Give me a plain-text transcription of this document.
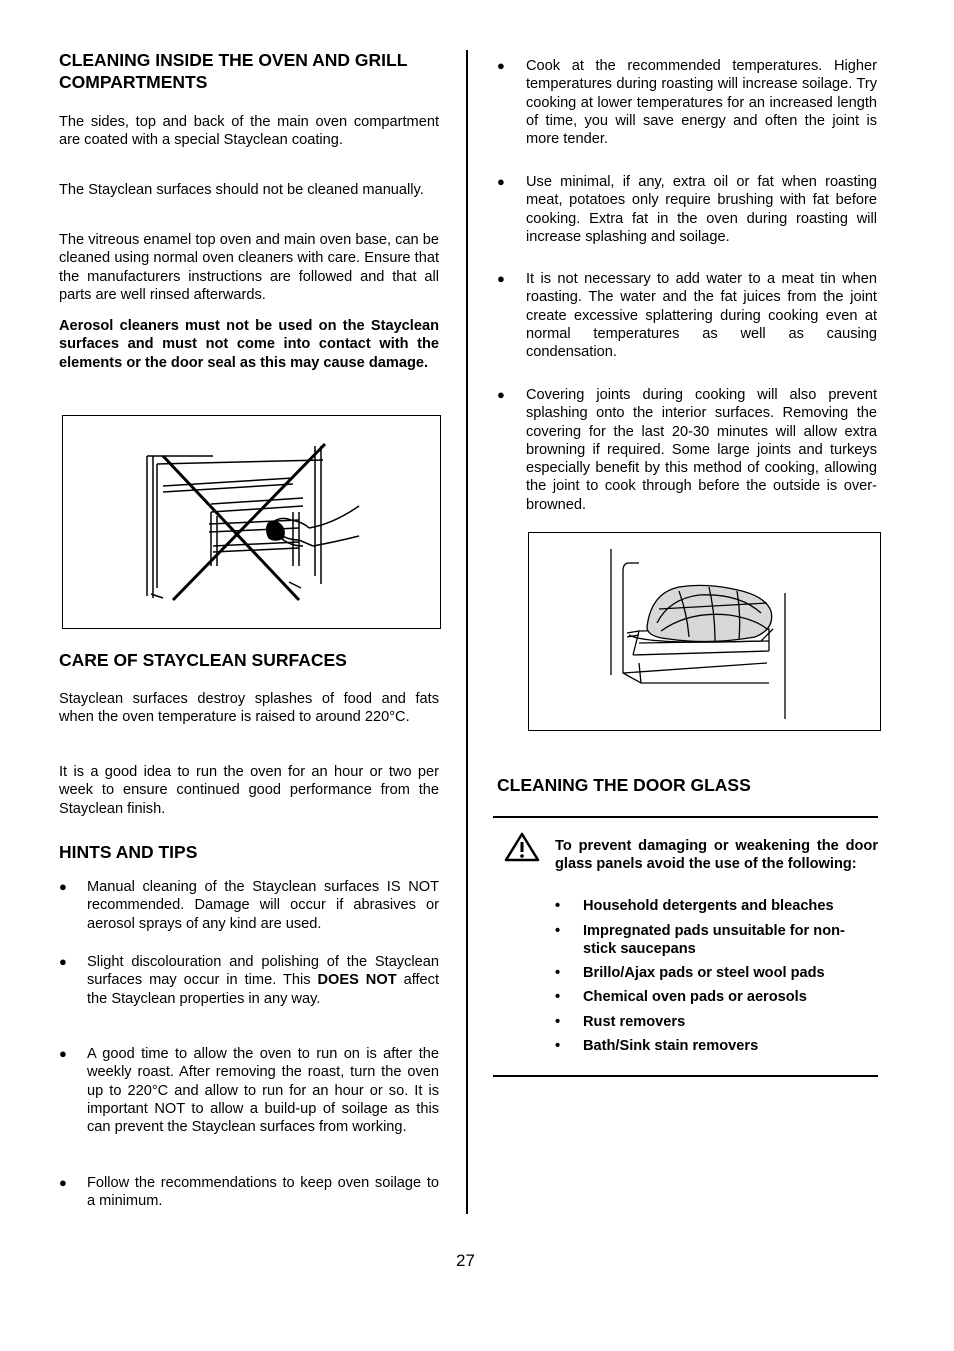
CLEANING INSIDE THE OVEN AND GRILL COMPARTMENTS

The sides, top and back of the main oven compartment are coated with a special Stayclean coating.

The Stayclean surfaces should not be cleaned manually.

The vitreous enamel top oven and main oven base, can be cleaned using normal oven cleaners with care. Ensure that the manufacturers instructions are followed and that all parts are well rinsed afterwards.

Aerosol cleaners must not be used on the Stayclean surfaces and must not come into contact with the elements or the door seal as this may cause damage.

CARE OF STAYCLEAN SURFACES

Stayclean surfaces destroy splashes of food and fats when the oven temperature is raised to around 220°C.

It is a good idea to run the oven for an hour or two per week to ensure continued good performance from the Stayclean finish.

HINTS AND TIPS
●	Manual cleaning of the Stayclean surfaces IS NOT recommended. Damage will occur if abrasives or aerosol sprays of any kind are used.
●	Slight discolouration and polishing of the Stayclean surfaces may occur in time. This DOES NOT affect the Stayclean properties in any way.
●	A good time to allow the oven to run on is after the weekly roast. After removing the roast, turn the oven up to 220°C and allow to run for an hour or so. It is important NOT to allow a build-up of soilage as this can prevent the Stayclean surfaces from working.
●	Follow the recommendations to keep oven soilage to a minimum.
●	Cook at the recommended temperatures. Higher temperatures during roasting will increase soilage. Try cooking at lower temperatures for an increased length of time, you will save energy and often the joint is more tender.
●	Use minimal, if any, extra oil or fat when roasting meat, potatoes only require brushing with fat before cooking. Extra fat in the oven during roasting will increase splashing and soilage.
●	It is not necessary to add water to a meat tin when roasting. The water and the fat juices from the joint create excessive splattering during cooking even at normal temperatures as well as causing condensation.
●	Covering joints during cooking will also prevent splashing onto the interior surfaces. Removing the covering for the last 20-30 minutes will allow extra browning if required. Some large joints and turkeys especially benefit by this method of cooking, allowing the joint to cook through before the outside is over-browned.
CLEANING THE DOOR GLASS

To prevent damaging or weakening the door glass panels avoid the use of the following:

•	Household detergents and bleaches
•	Impregnated pads unsuitable for non-stick saucepans
•	Brillo/Ajax pads or steel wool pads
•	Chemical oven pads or aerosols
•	Rust removers
•	Bath/Sink stain removers
27
